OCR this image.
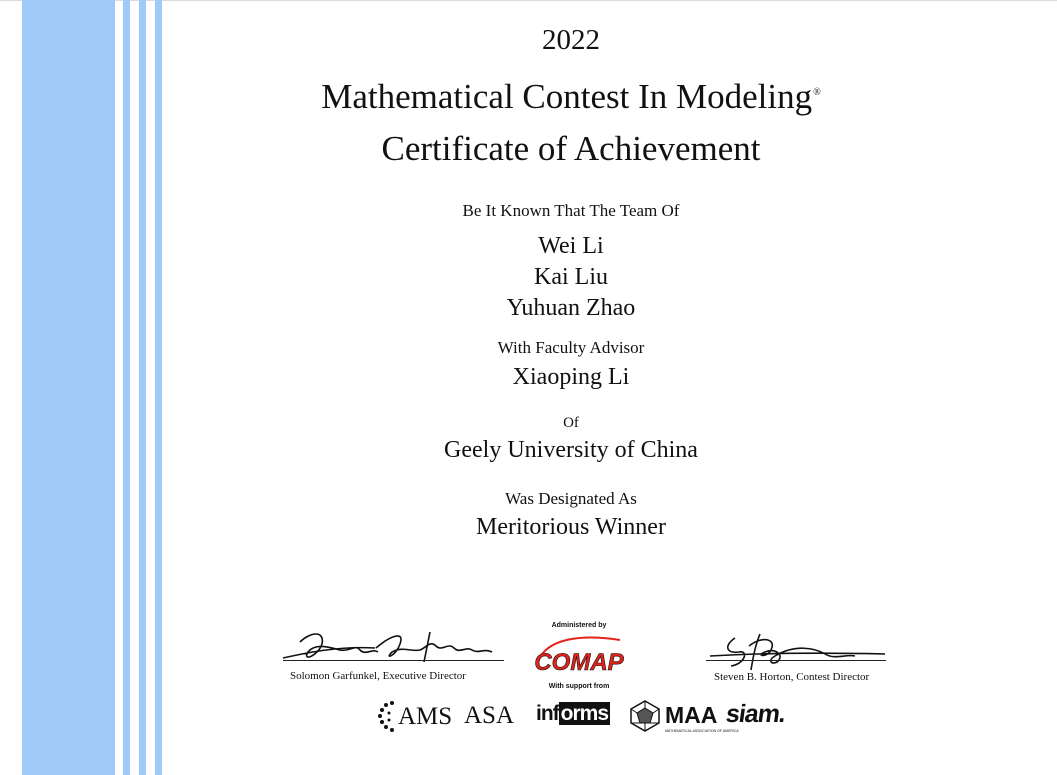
2022
Mathematical Contest In Modeling®
Certificate of Achievement
Be It Known That The Team Of
Wei Li
Kai Liu
Yuhuan Zhao
With Faculty Advisor
Xiaoping Li
Of
Geely University of China
Was Designated As
Meritorious Winner
Solomon Garfunkel, Executive Director	Steven B. Horton, Contest Director
Administered by
COMAP
With support from
AMS ASA informs MAA
MATHEMATICAL ASSOCIATION OF AMERICA
siam.
